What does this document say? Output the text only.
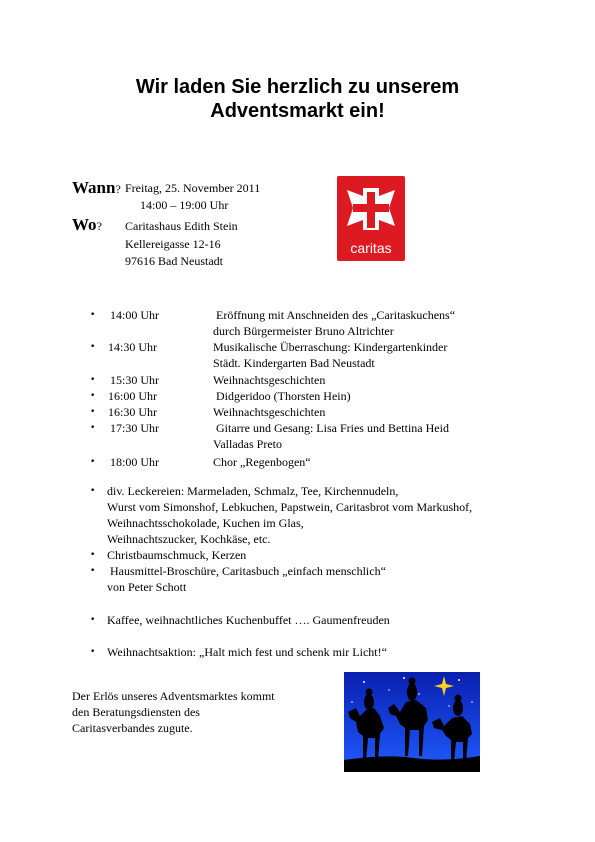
Wir laden Sie herzlich zu unserem
Adventsmarkt ein!
Wann? Freitag, 25. November 2011
14:00 – 19:00 Uhr
Wo? Caritashaus Edith Stein
Kellereigasse 12-16
97616 Bad Neustadt
caritas
• 14:00 Uhr	Eröffnung mit Anschneiden des „Caritaskuchens“
durch Bürgermeister Bruno Altrichter
• 14:30 Uhr	Musikalische Überraschung: Kindergartenkinder
Städt. Kindergarten Bad Neustadt
• 15:30 Uhr	Weihnachtsgeschichten
• 16:00 Uhr	Didgeridoo (Thorsten Hein)
• 16:30 Uhr	Weihnachtsgeschichten
• 17:30 Uhr	Gitarre und Gesang: Lisa Fries und Bettina Heid
Valladas Preto
• 18:00 Uhr	Chor „Regenbogen“
• div. Leckereien: Marmeladen, Schmalz, Tee, Kirchennudeln,
Wurst vom Simonshof, Lebkuchen, Papstwein, Caritasbrot vom Markushof,
Weihnachtsschokolade, Kuchen im Glas,
Weihnachtszucker, Kochkäse, etc.
• Christbaumschmuck, Kerzen
• Hausmittel-Broschüre, Caritasbuch „einfach menschlich“
von Peter Schott
• Kaffee, weihnachtliches Kuchenbuffet …. Gaumenfreuden
• Weihnachtsaktion: „Halt mich fest und schenk mir Licht!“
Der Erlös unseres Adventsmarktes kommt
den Beratungsdiensten des
Caritasverbandes zugute.
